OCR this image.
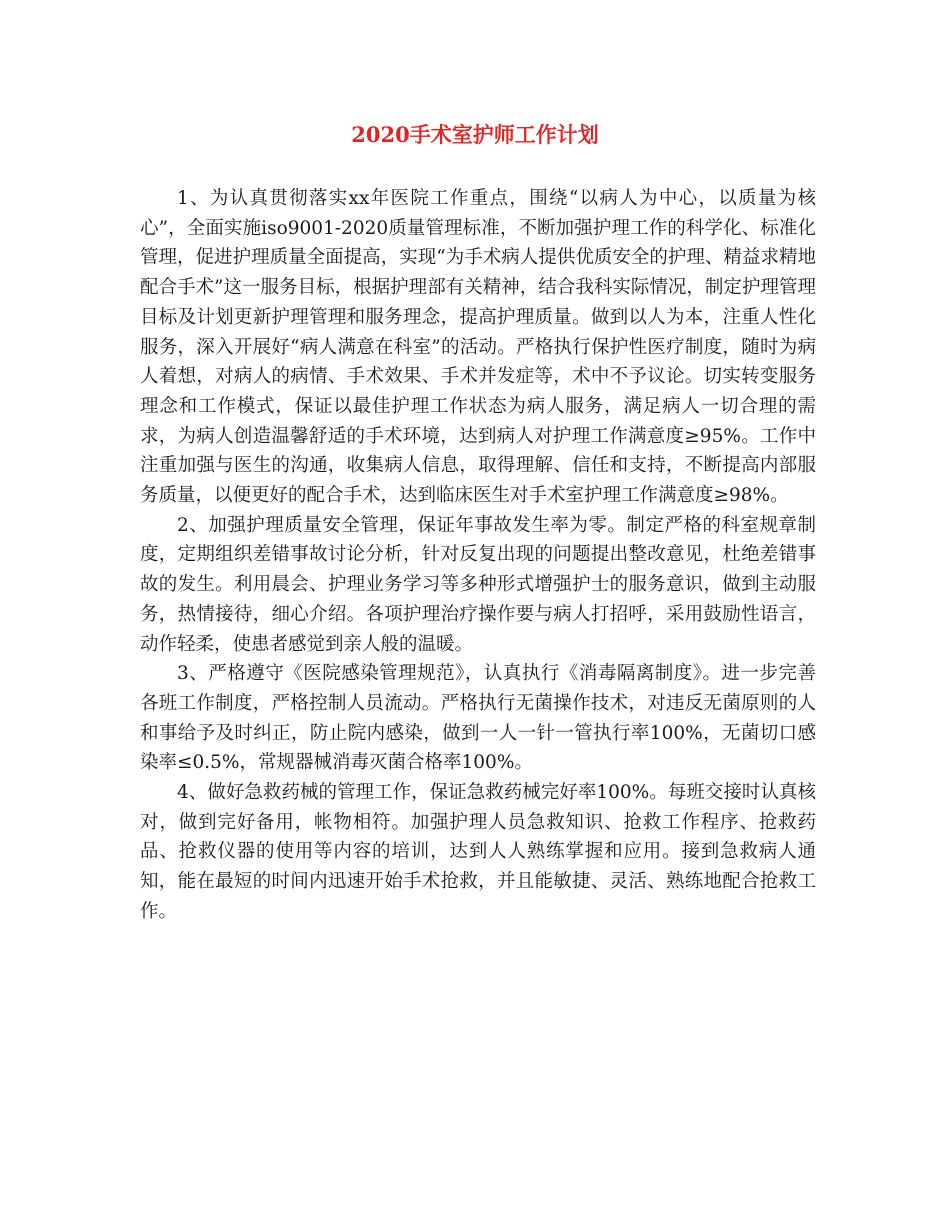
2020手术室护师工作计划

1、为认真贯彻落实xx年医院工作重点，围绕“以病人为中心，以质量为核心”，全面实施iso9001-2020质量管理标准，不断加强护理工作的科学化、标准化管理，促进护理质量全面提高，实现“为手术病人提供优质安全的护理、精益求精地配合手术”这一服务目标，根据护理部有关精神，结合我科实际情况，制定护理管理目标及计划更新护理管理和服务理念，提高护理质量。做到以人为本，注重人性化服务，深入开展好“病人满意在科室”的活动。严格执行保护性医疗制度，随时为病人着想，对病人的病情、手术效果、手术并发症等，术中不予议论。切实转变服务理念和工作模式，保证以最佳护理工作状态为病人服务，满足病人一切合理的需求，为病人创造温馨舒适的手术环境，达到病人对护理工作满意度≥95%。工作中注重加强与医生的沟通，收集病人信息，取得理解、信任和支持，不断提高内部服务质量，以便更好的配合手术，达到临床医生对手术室护理工作满意度≥98%。

2、加强护理质量安全管理，保证年事故发生率为零。制定严格的科室规章制度，定期组织差错事故讨论分析，针对反复出现的问题提出整改意见，杜绝差错事故的发生。利用晨会、护理业务学习等多种形式增强护士的服务意识，做到主动服务，热情接待，细心介绍。各项护理治疗操作要与病人打招呼，采用鼓励性语言，动作轻柔，使患者感觉到亲人般的温暖。

3、严格遵守《医院感染管理规范》，认真执行《消毒隔离制度》。进一步完善各班工作制度，严格控制人员流动。严格执行无菌操作技术，对违反无菌原则的人和事给予及时纠正，防止院内感染，做到一人一针一管执行率100%，无菌切口感染率≤0.5%，常规器械消毒灭菌合格率100%。

4、做好急救药械的管理工作，保证急救药械完好率100%。每班交接时认真核对，做到完好备用，帐物相符。加强护理人员急救知识、抢救工作程序、抢救药品、抢救仪器的使用等内容的培训，达到人人熟练掌握和应用。接到急救病人通知，能在最短的时间内迅速开始手术抢救，并且能敏捷、灵活、熟练地配合抢救工作。
